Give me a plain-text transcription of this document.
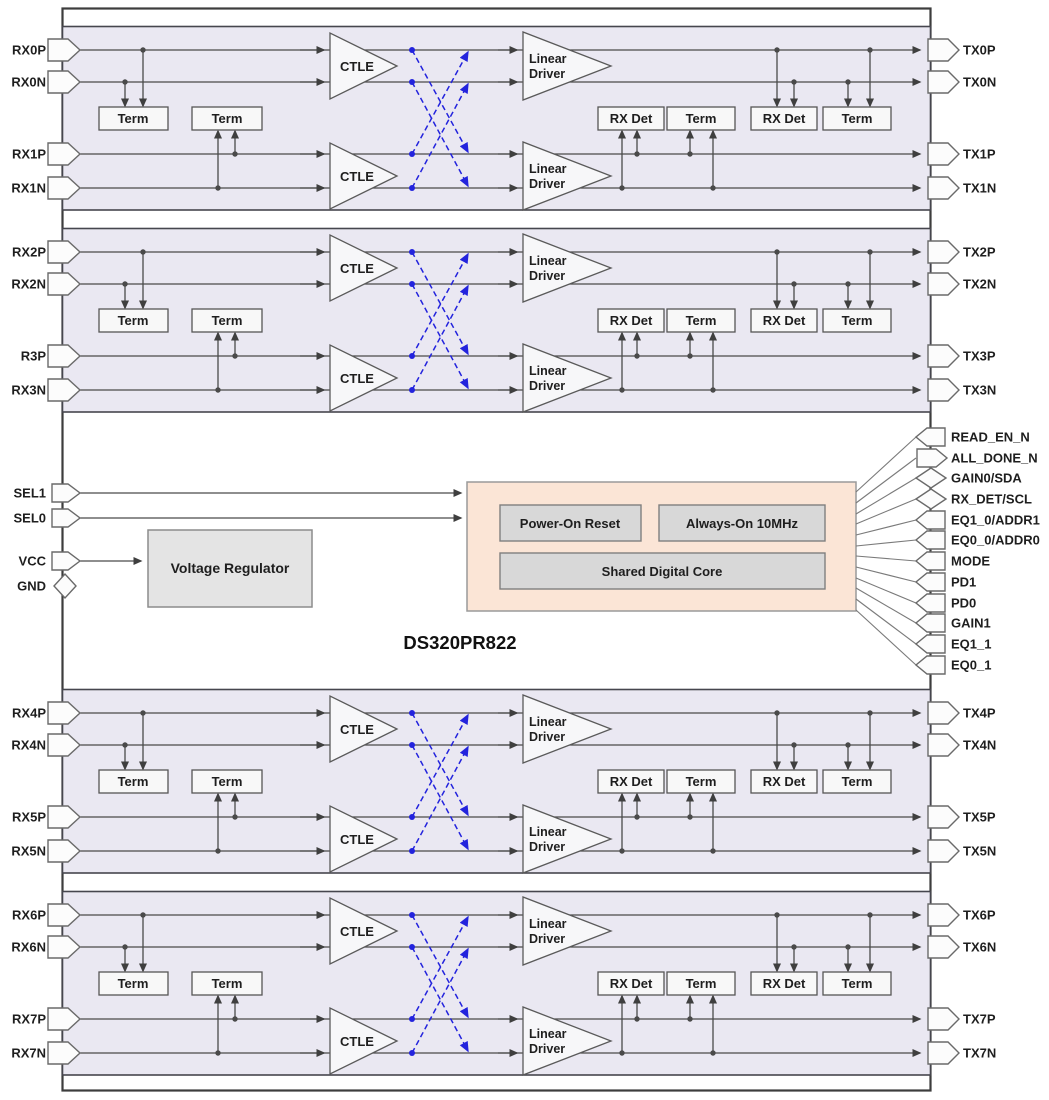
RX0P
RX0N
RX1P
RX1N
TX0P
TX0N
TX1P
TX1N
CTLE
CTLE
Linear
Driver
Linear
Driver
Term	Term	RX Det	Term	RX Det	Term
RX2P
RX2N
R3P
RX3N
TX2P
TX2N
TX3P
TX3N
CTLE
CTLE
Linear
Driver
Linear
Driver
Term	Term	RX Det	Term	RX Det	Term
SEL1
SEL0
VCC
GND
Voltage Regulator
Power-On Reset	Always-On 10MHz
Shared Digital Core
DS320PR822
READ_EN_N
ALL_DONE_N
GAIN0/SDA
RX_DET/SCL
EQ1_0/ADDR1
EQ0_0/ADDR0
MODE
PD1
PD0
GAIN1
EQ1_1
EQ0_1
RX4P
RX4N
RX5P
RX5N
TX4P
TX4N
TX5P
TX5N
CTLE
CTLE
Linear
Driver
Linear
Driver
Term	Term	RX Det	Term	RX Det	Term
RX6P
RX6N
RX7P
RX7N
TX6P
TX6N
TX7P
TX7N
CTLE
CTLE
Linear
Driver
Linear
Driver
Term	Term	RX Det	Term	RX Det	Term
